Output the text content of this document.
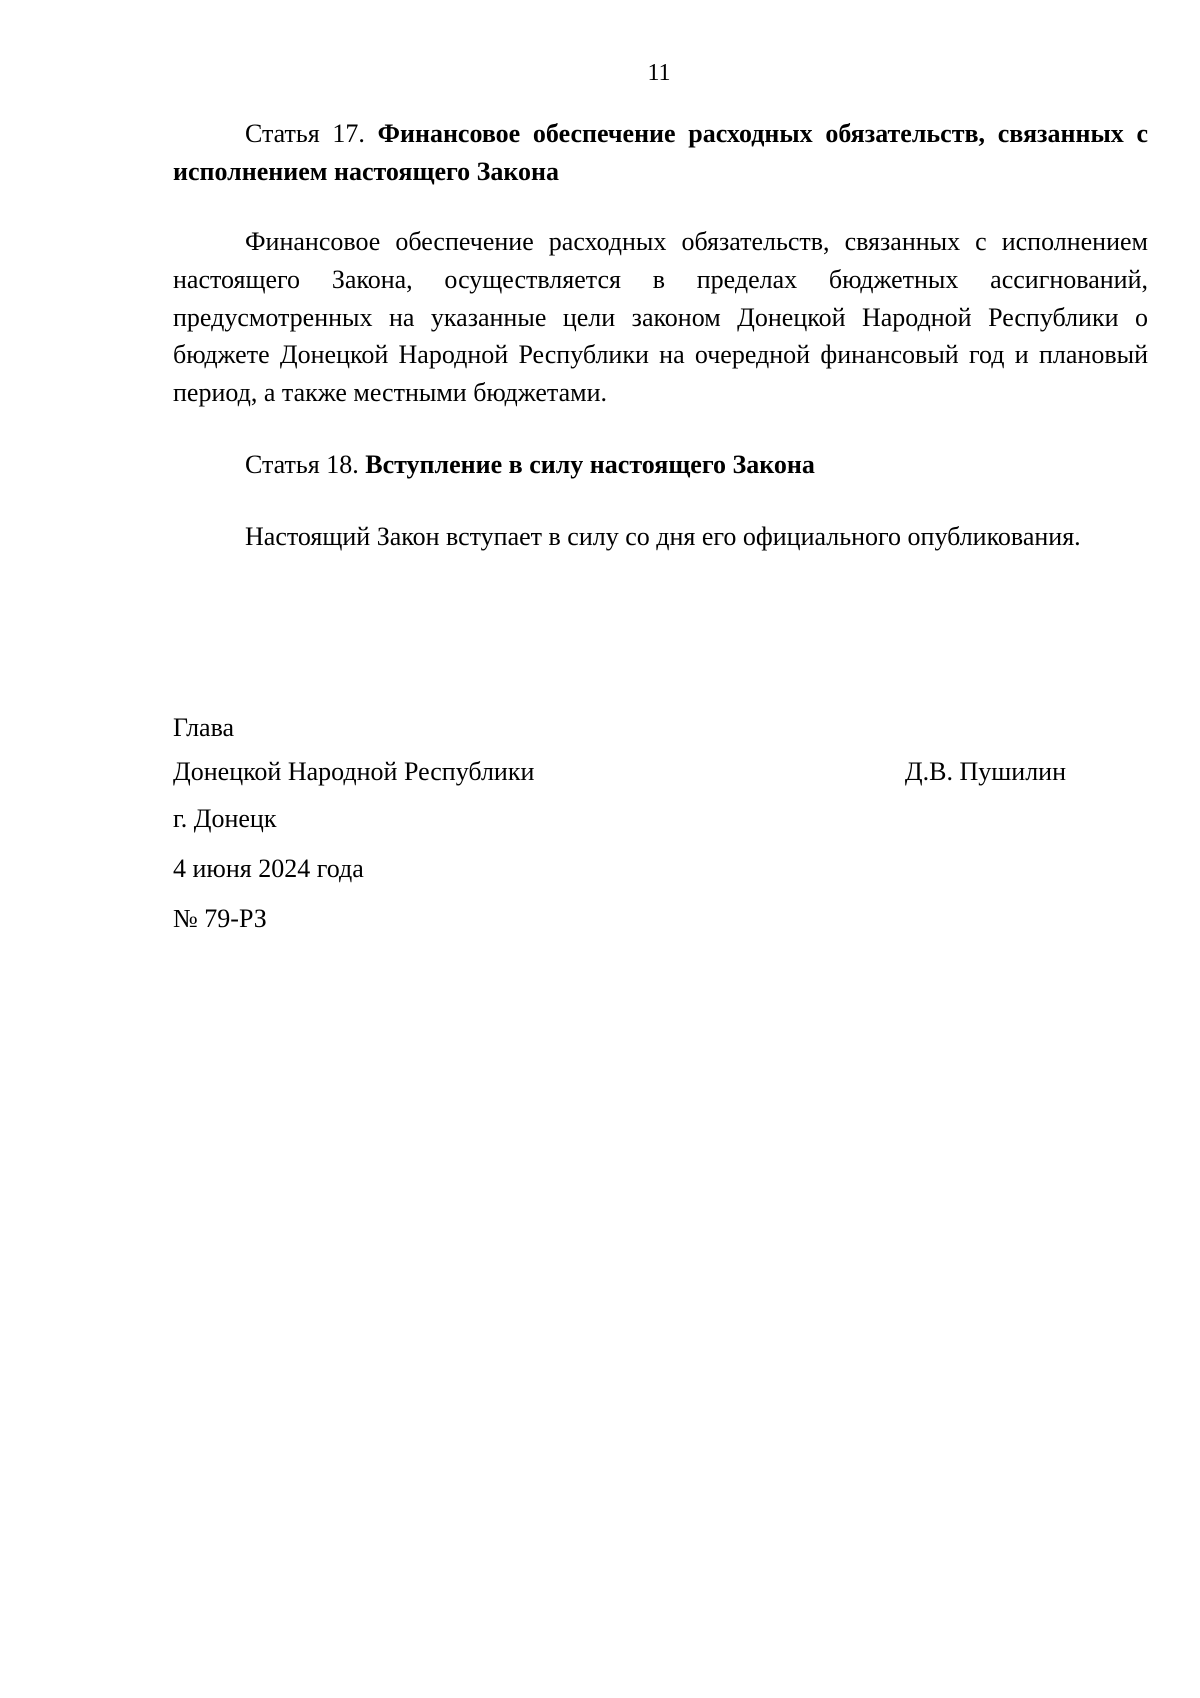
11
Статья 17. Финансовое обеспечение расходных обязательств, связанных с исполнением настоящего Закона

Финансовое обеспечение расходных обязательств, связанных с исполнением настоящего Закона, осуществляется в пределах бюджетных ассигнований, предусмотренных на указанные цели законом Донецкой Народной Республики о бюджете Донецкой Народной Республики на очередной финансовый год и плановый период, а также местными бюджетами.

Статья 18. Вступление в силу настоящего Закона

Настоящий Закон вступает в силу со дня его официального опубликования.

Глава
Донецкой Народной Республики	Д.В. Пушилин
г. Донецк
4 июня 2024 года
№ 79-РЗ
